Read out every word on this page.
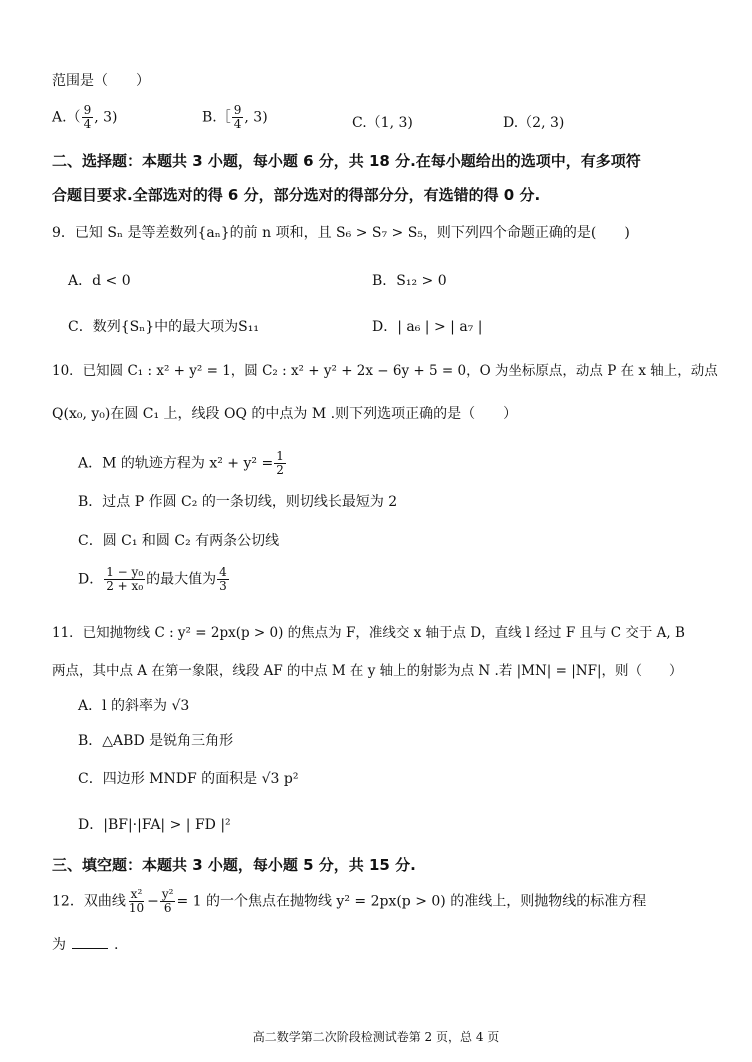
范围是（　　）
$A.( \frac{9}{4}$ , 3)	B.［ $\frac{9}{4}$ , 3)	C.（1, 3)	D.（2, 3)
二、选择题：本题共 3 小题，每小题 6 分，共 18 分.在每小题给出的选项中，有多项符
合题目要求.全部选对的得 6 分，部分选对的得部分分，有选错的得 0 分.
9．已知 Sₙ 是等差数列{aₙ}的前 n 项和，且 S₆ > S₇ > S₅，则下列四个命题正确的是(　　)
A．d < 0	B．S₁₂ > 0
C．数列{Sₙ}中的最大项为S₁₁	D．| a₆ | > | a₇ |
10．已知圆 C₁ : x² + y² = 1，圆 C₂ : x² + y² + 2x − 6y + 5 = 0，O 为坐标原点，动点 P 在 x 轴上，动点
Q(x₀, y₀)在圆 C₁ 上，线段 OQ 的中点为 M .则下列选项正确的是（　　）
A．M 的轨迹方程为 $x^2 + y^2 = \frac{1}{2}$
B．过点 P 作圆 C₂ 的一条切线，则切线长最短为 2
C．圆 C₁ 和圆 C₂ 有两条公切线
D． $\frac{\text{1 − y₀}}{\text{2 + x₀}}$ 的最大值为 $\frac{4}{3}$
11．已知抛物线 C : y² = 2px(p > 0) 的焦点为 F，准线交 x 轴于点 D，直线 l 经过 F 且与 C 交于 A, B
两点，其中点 A 在第一象限，线段 AF 的中点 M 在 y 轴上的射影为点 N .若 |MN| = |NF|，则（　　）
A．l 的斜率为 √3
B．△ABD 是锐角三角形
C．四边形 MNDF 的面积是 √3 p²
D．|BF|·|FA| > | FD |²
三、填空题：本题共 3 小题，每小题 5 分，共 15 分.
12．双曲线 $\frac{\text{x²}}{10} - \frac{\text{y²}}{6} = 1$ 的一个焦点在抛物线 y² = 2px(p > 0) 的准线上，则抛物线的标准方程
为	.
高二数学第二次阶段检测试卷第 2 页，总 4 页
